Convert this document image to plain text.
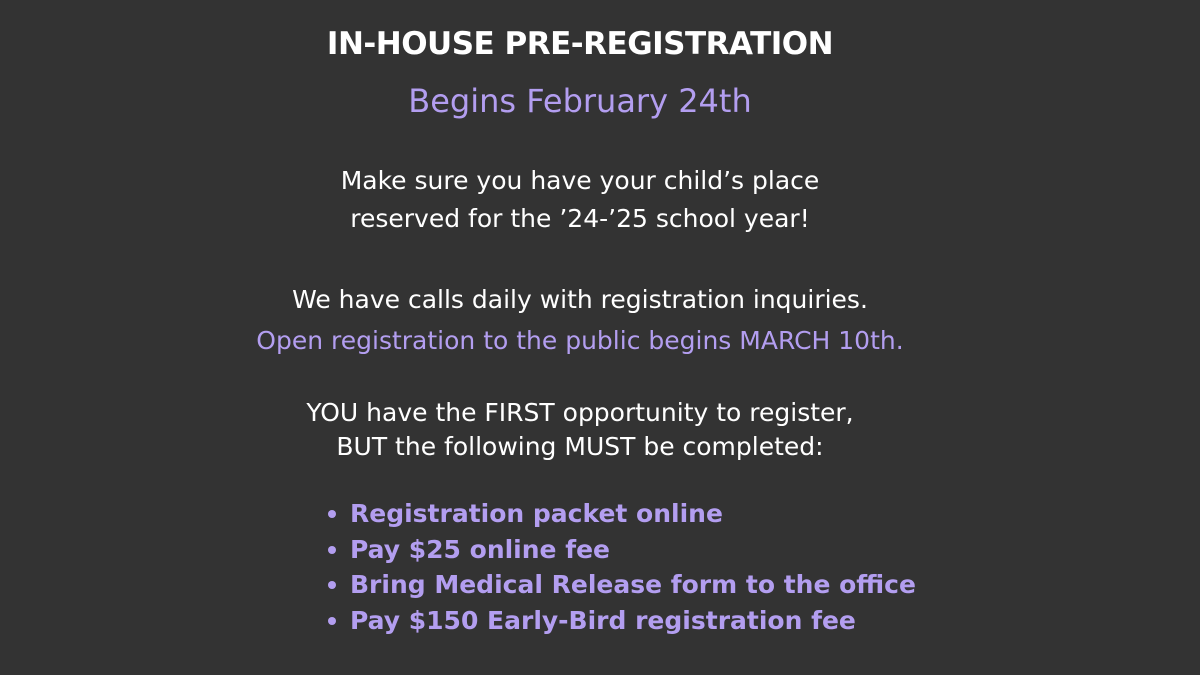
IN-HOUSE PRE-REGISTRATION
Begins February 24th
Make sure you have your child’s place
reserved for the ’24-’25 school year!
We have calls daily with registration inquiries.
Open registration to the public begins MARCH 10th.
YOU have the FIRST opportunity to register,
BUT the following MUST be completed:
Registration packet online
Pay $25 online fee
Bring Medical Release form to the office
Pay $150 Early-Bird registration fee
